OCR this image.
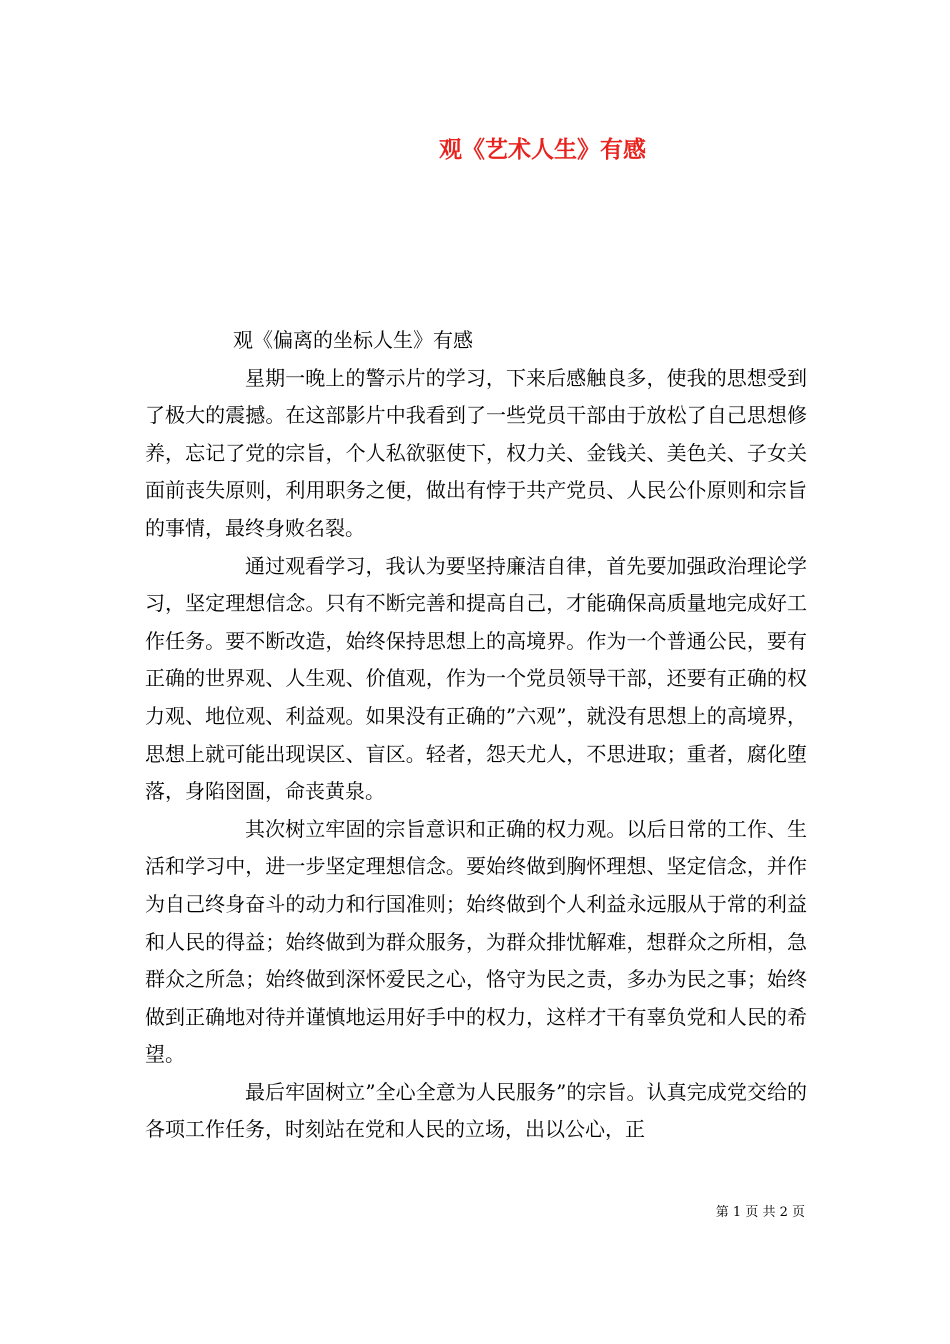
观《艺术人生》有感

观《偏离的坐标人生》有感

星期一晚上的警示片的学习，下来后感触良多，使我的思想受到了极大的震撼。在这部影片中我看到了一些党员干部由于放松了自己思想修养，忘记了党的宗旨，个人私欲驱使下，权力关、金钱关、美色关、子女关面前丧失原则，利用职务之便，做出有悖于共产党员、人民公仆原则和宗旨的事情，最终身败名裂。

通过观看学习，我认为要坚持廉洁自律，首先要加强政治理论学习，坚定理想信念。只有不断完善和提高自己，才能确保高质量地完成好工作任务。要不断改造，始终保持思想上的高境界。作为一个普通公民，要有正确的世界观、人生观、价值观，作为一个党员领导干部，还要有正确的权力观、地位观、利益观。如果没有正确的”六观”，就没有思想上的高境界，思想上就可能出现误区、盲区。轻者，怨天尤人，不思进取；重者，腐化堕落，身陷囹圄，命丧黄泉。

其次树立牢固的宗旨意识和正确的权力观。以后日常的工作、生活和学习中，进一步坚定理想信念。要始终做到胸怀理想、坚定信念，并作为自己终身奋斗的动力和行国准则；始终做到个人利益永远服从于常的利益和人民的得益；始终做到为群众服务，为群众排忧解难，想群众之所相，急群众之所急；始终做到深怀爱民之心，恪守为民之责，多办为民之事；始终做到正确地对待并谨慎地运用好手中的权力，这样才干有辜负党和人民的希望。

最后牢固树立”全心全意为人民服务”的宗旨。认真完成党交给的各项工作任务，时刻站在党和人民的立场，出以公心，正

第 1 页 共 2 页
